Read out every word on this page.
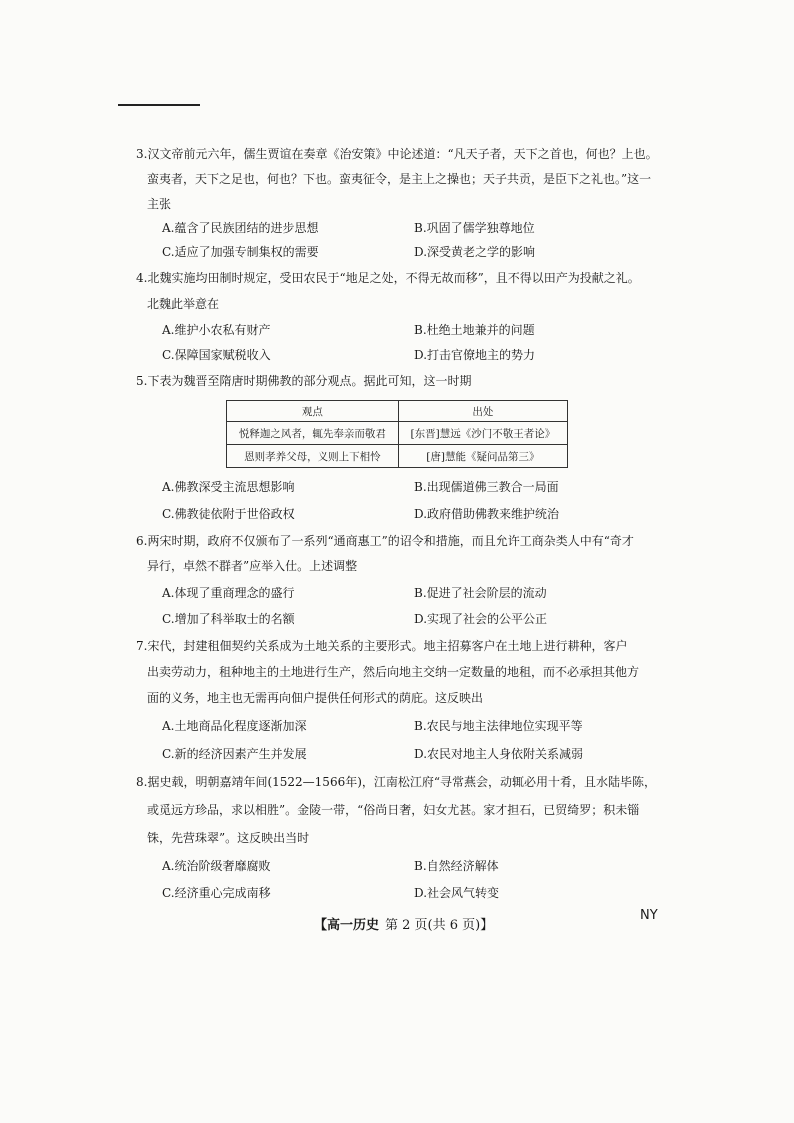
3.汉文帝前元六年，儒生贾谊在奏章《治安策》中论述道：“凡天子者，天下之首也，何也？上也。
蛮夷者，天下之足也，何也？下也。蛮夷征令，是主上之操也；天子共贡，是臣下之礼也。”这一
主张
A.蕴含了民族团结的进步思想	B.巩固了儒学独尊地位
C.适应了加强专制集权的需要	D.深受黄老之学的影响
4.北魏实施均田制时规定，受田农民于“地足之处，不得无故而移”，且不得以田产为投献之礼。
北魏此举意在
A.维护小农私有财产	B.杜绝土地兼并的问题
C.保障国家赋税收入	D.打击官僚地主的势力
5.下表为魏晋至隋唐时期佛教的部分观点。据此可知，这一时期
观点	出处
悦释迦之风者，辄先奉亲而敬君	[东晋]慧远《沙门不敬王者论》
恩则孝养父母，义则上下相怜	[唐]慧能《疑问品第三》
A.佛教深受主流思想影响	B.出现儒道佛三教合一局面
C.佛教徒依附于世俗政权	D.政府借助佛教来维护统治
6.两宋时期，政府不仅颁布了一系列“通商惠工”的诏令和措施，而且允许工商杂类人中有“奇才
异行，卓然不群者”应举入仕。上述调整
A.体现了重商理念的盛行	B.促进了社会阶层的流动
C.增加了科举取士的名额	D.实现了社会的公平公正
7.宋代，封建租佃契约关系成为土地关系的主要形式。地主招募客户在土地上进行耕种，客户
出卖劳动力，租种地主的土地进行生产，然后向地主交纳一定数量的地租，而不必承担其他方
面的义务，地主也无需再向佃户提供任何形式的荫庇。这反映出
A.土地商品化程度逐渐加深	B.农民与地主法律地位实现平等
C.新的经济因素产生并发展	D.农民对地主人身依附关系减弱
8.据史载，明朝嘉靖年间(1522—1566年)，江南松江府“寻常燕会，动辄必用十肴，且水陆毕陈，
或觅远方珍品，求以相胜”。金陵一带，“俗尚日奢，妇女尤甚。家才担石，已贸绮罗；积未锱
铢，先营珠翠”。这反映出当时
A.统治阶级奢靡腐败	B.自然经济解体
C.经济重心完成南移	D.社会风气转变
【高一历史 第 2 页(共 6 页)】
NY
